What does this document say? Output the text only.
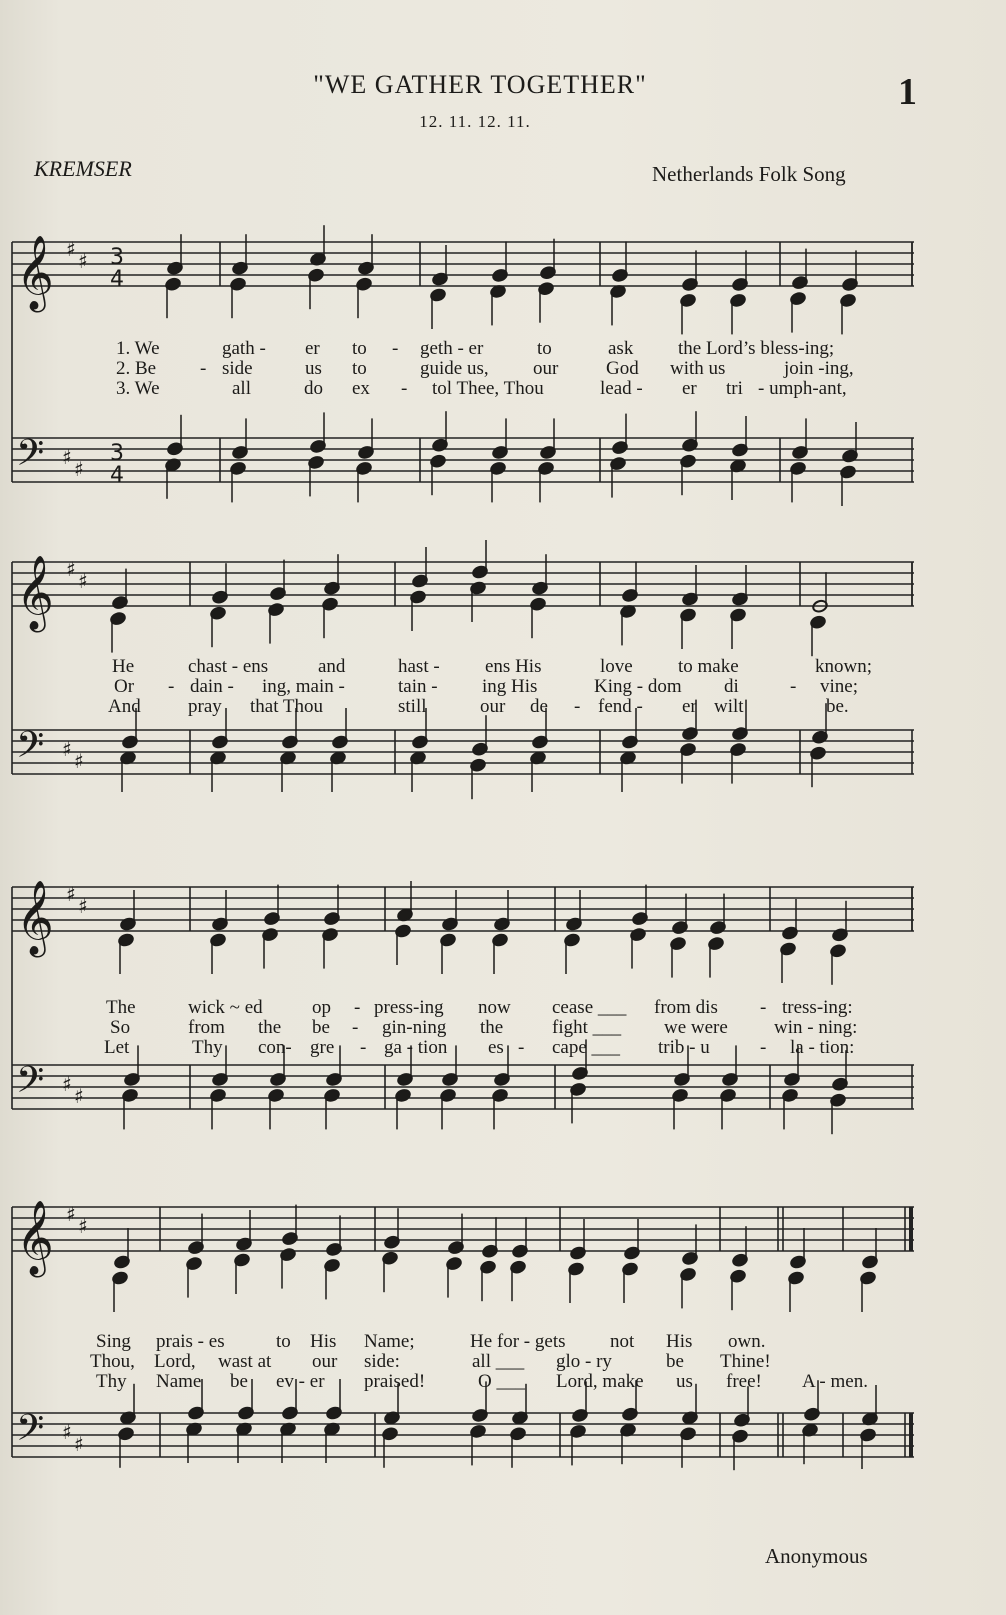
"WE GATHER TOGETHER"
12. 11. 12. 11.
1
KREMSER	Netherlands Folk Song
𝄞
𝄢
♯ ♯
♯ ♯
3
4
3
4
1. We	gath - er to - geth - er	to	ask the Lord’s bless-ing;
2. Be - side	us to	guide us, our	God with us	join -ing,
3. We	all	do ex - tol Thee, Thou	lead - er tri - umph-ant,
𝄞
𝄢
♯ ♯
♯ ♯
He	chast - ens	and	hast - ens His	love to make	known;
Or - dain - ing, main -	tain - ing His	King - dom di	- vine;
And pray that Thou	still	our de - fend - er wilt	be.
𝄞
𝄢
♯ ♯
♯ ♯
The	wick ~ ed	op - press-ing now cease ___ from dis - tress-ing:
So	from the be - gin-ning the	fight ___ we were win - ning:
Let	Thy con- gre - ga - tion es - cape ___ trib - u	- la - tion:
𝄞
𝄢
♯ ♯
♯ ♯
Sing prais - es	to His Name;	He for - gets not His own.
Thou, Lord, wast at our side:	all ___ glo - ry	be Thine!
Thy Name be ev - er praised!	O ___ Lord, make us free! A - men.
Anonymous
